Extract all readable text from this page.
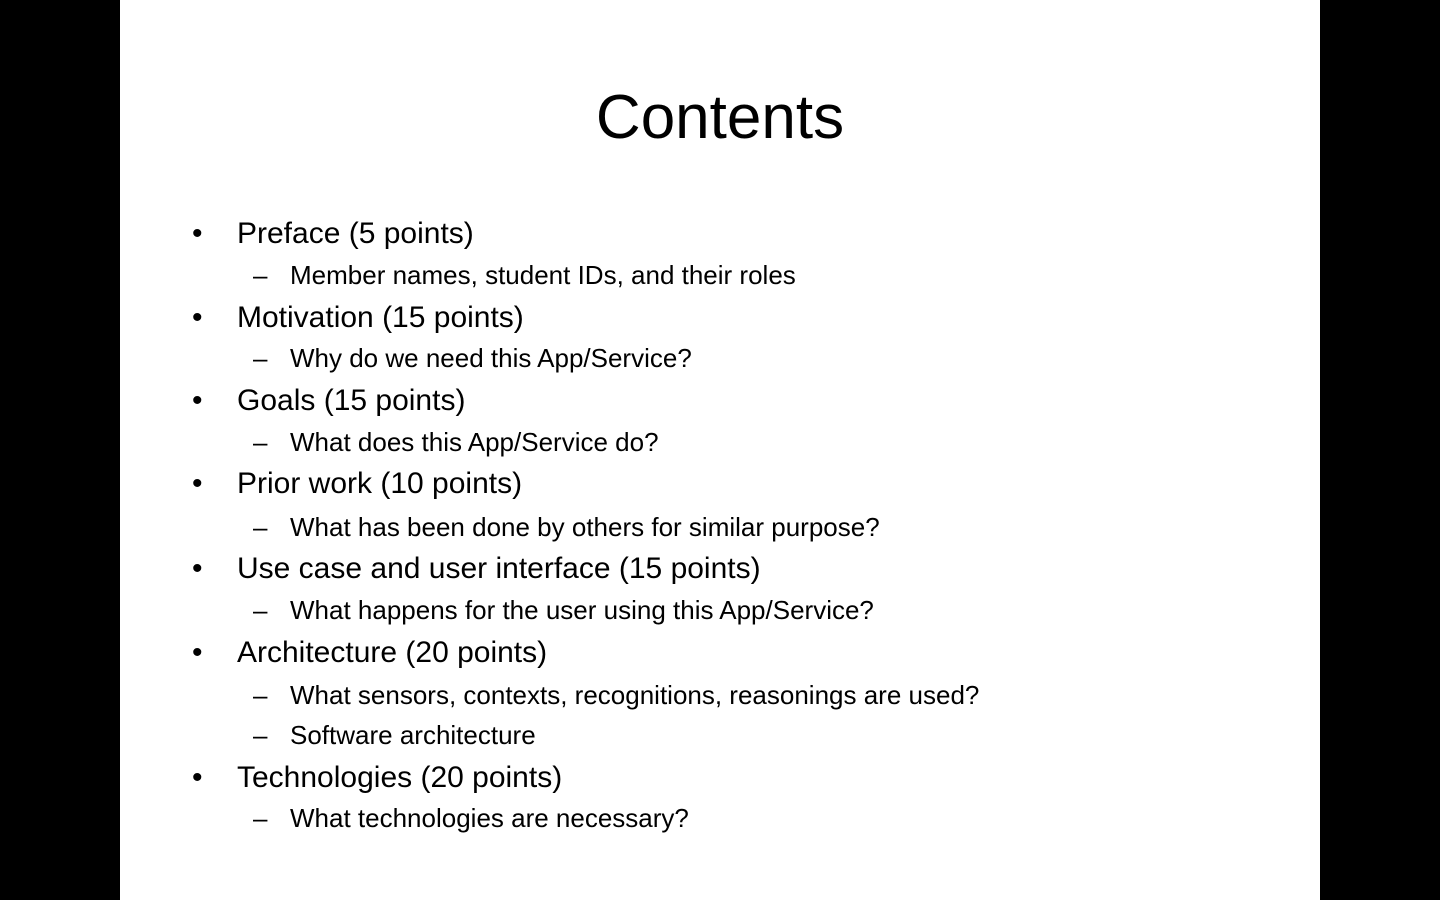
Contents
• Preface (5 points)
– Member names, student IDs, and their roles
• Motivation (15 points)
– Why do we need this App/Service?
• Goals (15 points)
– What does this App/Service do?
• Prior work (10 points)
– What has been done by others for similar purpose?
• Use case and user interface (15 points)
– What happens for the user using this App/Service?
• Architecture (20 points)
– What sensors, contexts, recognitions, reasonings are used?
– Software architecture
• Technologies (20 points)
– What technologies are necessary?
